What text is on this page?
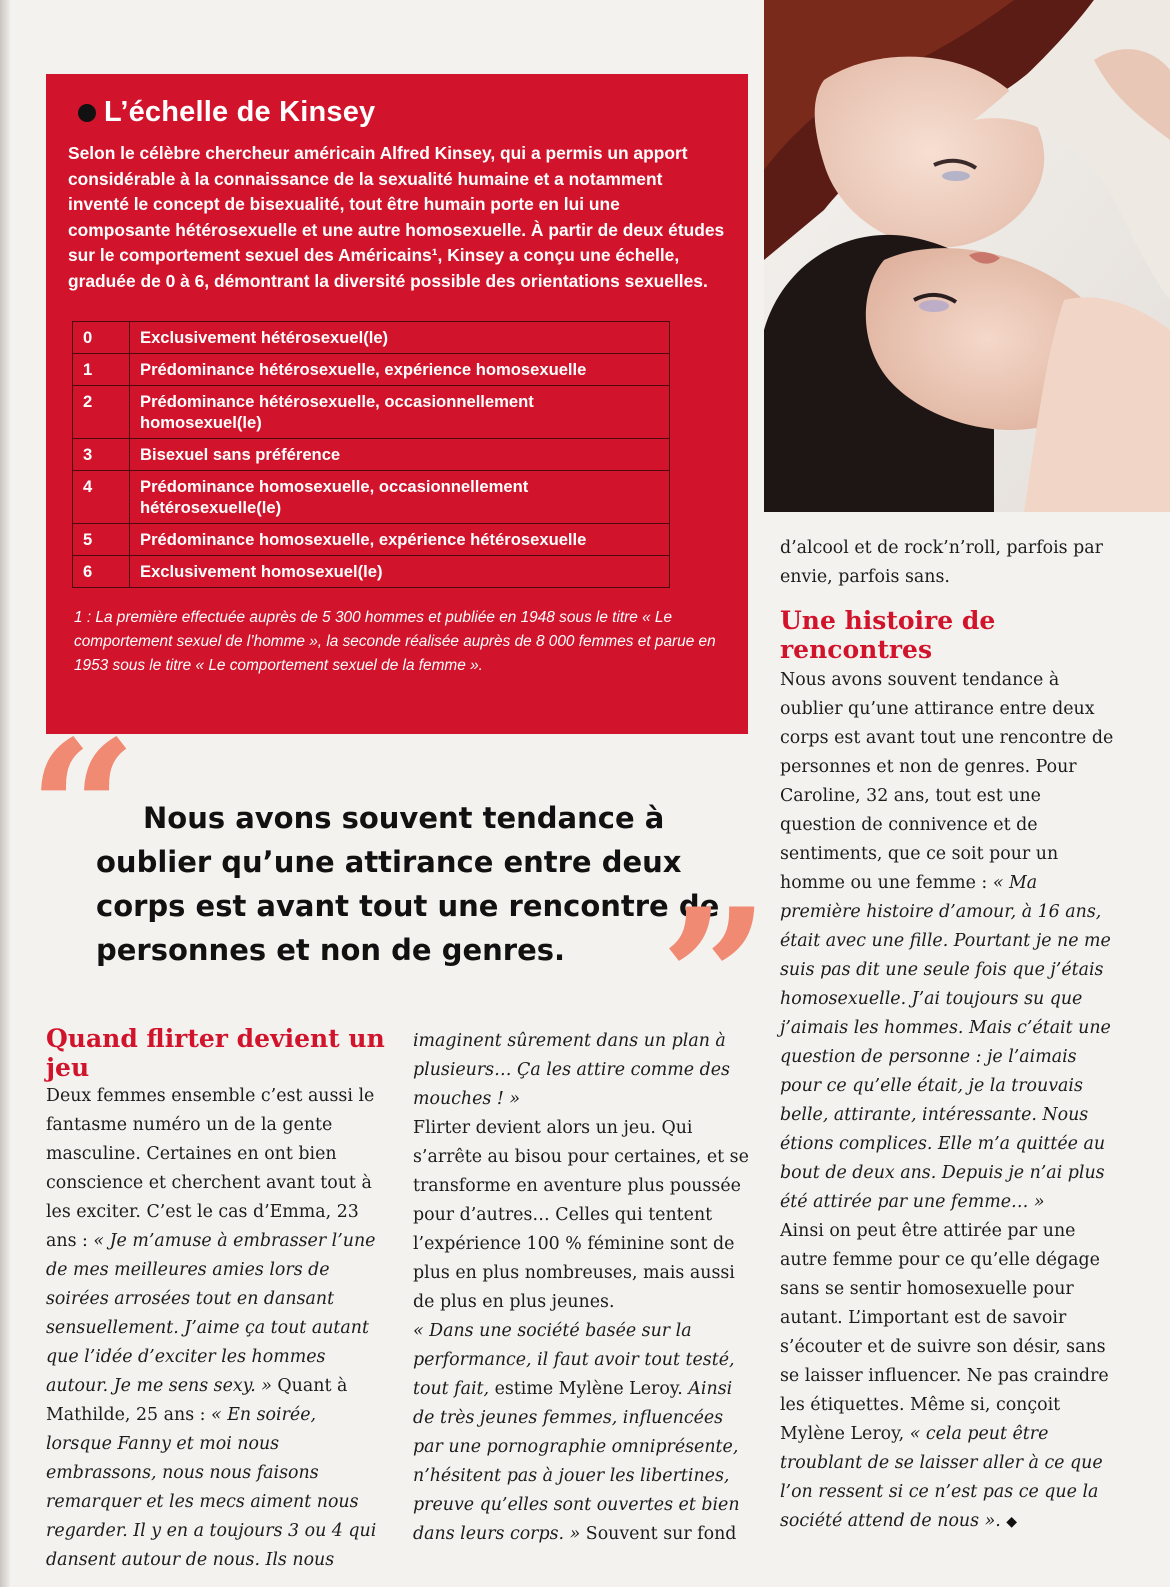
L’échelle de Kinsey

Selon le célèbre chercheur américain Alfred Kinsey, qui a permis un apport considérable à la connaissance de la sexualité humaine et a notamment inventé le concept de bisexualité, tout être humain porte en lui une composante hétérosexuelle et une autre homosexuelle. À partir de deux études sur le comportement sexuel des Américains¹, Kinsey a conçu une échelle, graduée de 0 à 6, démontrant la diversité possible des orientations sexuelles.

0	Exclusivement hétérosexuel(le)
1	Prédominance hétérosexuelle, expérience homosexuelle
2	Prédominance hétérosexuelle, occasionnellement homosexuel(le)
3	Bisexuel sans préférence
4	Prédominance homosexuelle, occasionnellement hétérosexuelle(le)
5	Prédominance homosexuelle, expérience hétérosexuelle
6	Exclusivement homosexuel(le)

1 : La première effectuée auprès de 5 300 hommes et publiée en 1948 sous le titre « Le comportement sexuel de l’homme », la seconde réalisée auprès de 8 000 femmes et parue en 1953 sous le titre « Le comportement sexuel de la femme ».

“ Nous avons souvent tendance à oublier qu’une attirance entre deux corps est avant tout une rencontre de personnes et non de genres. ”
Quand flirter devient un jeu

Deux femmes ensemble c’est aussi le fantasme numéro un de la gente masculine. Certaines en ont bien conscience et cherchent avant tout à les exciter. C’est le cas d’Emma, 23 ans : « Je m’amuse à embrasser l’une de mes meilleures amies lors de soirées arrosées tout en dansant sensuellement. J’aime ça tout autant que l’idée d’exciter les hommes autour. Je me sens sexy. » Quant à Mathilde, 25 ans : « En soirée, lorsque Fanny et moi nous embrassons, nous nous faisons remarquer et les mecs aiment nous regarder. Il y en a toujours 3 ou 4 qui dansent autour de nous. Ils nous

imaginent sûrement dans un plan à plusieurs… Ça les attire comme des mouches ! »

Flirter devient alors un jeu. Qui s’arrête au bisou pour certaines, et se transforme en aventure plus poussée pour d’autres… Celles qui tentent l’expérience 100 % féminine sont de plus en plus nombreuses, mais aussi de plus en plus jeunes.

« Dans une société basée sur la performance, il faut avoir tout testé, tout fait, estime Mylène Leroy. Ainsi de très jeunes femmes, influencées par une pornographie omniprésente, n’hésitent pas à jouer les libertines, preuve qu’elles sont ouvertes et bien dans leurs corps. » Souvent sur fond

d’alcool et de rock’n’roll, parfois par envie, parfois sans.

Une histoire de rencontres

Nous avons souvent tendance à oublier qu’une attirance entre deux corps est avant tout une rencontre de personnes et non de genres. Pour Caroline, 32 ans, tout est une question de connivence et de sentiments, que ce soit pour un homme ou une femme : « Ma première histoire d’amour, à 16 ans, était avec une fille. Pourtant je ne me suis pas dit une seule fois que j’étais homosexuelle. J’ai toujours su que j’aimais les hommes. Mais c’était une question de personne : je l’aimais pour ce qu’elle était, je la trouvais belle, attirante, intéressante. Nous étions complices. Elle m’a quittée au bout de deux ans. Depuis je n’ai plus été attirée par une femme… »

Ainsi on peut être attirée par une autre femme pour ce qu’elle dégage sans se sentir homosexuelle pour autant. L’important est de savoir s’écouter et de suivre son désir, sans se laisser influencer. Ne pas craindre les étiquettes. Même si, conçoit Mylène Leroy, « cela peut être troublant de se laisser aller à ce que l’on ressent si ce n’est pas ce que la société attend de nous ». ◆
